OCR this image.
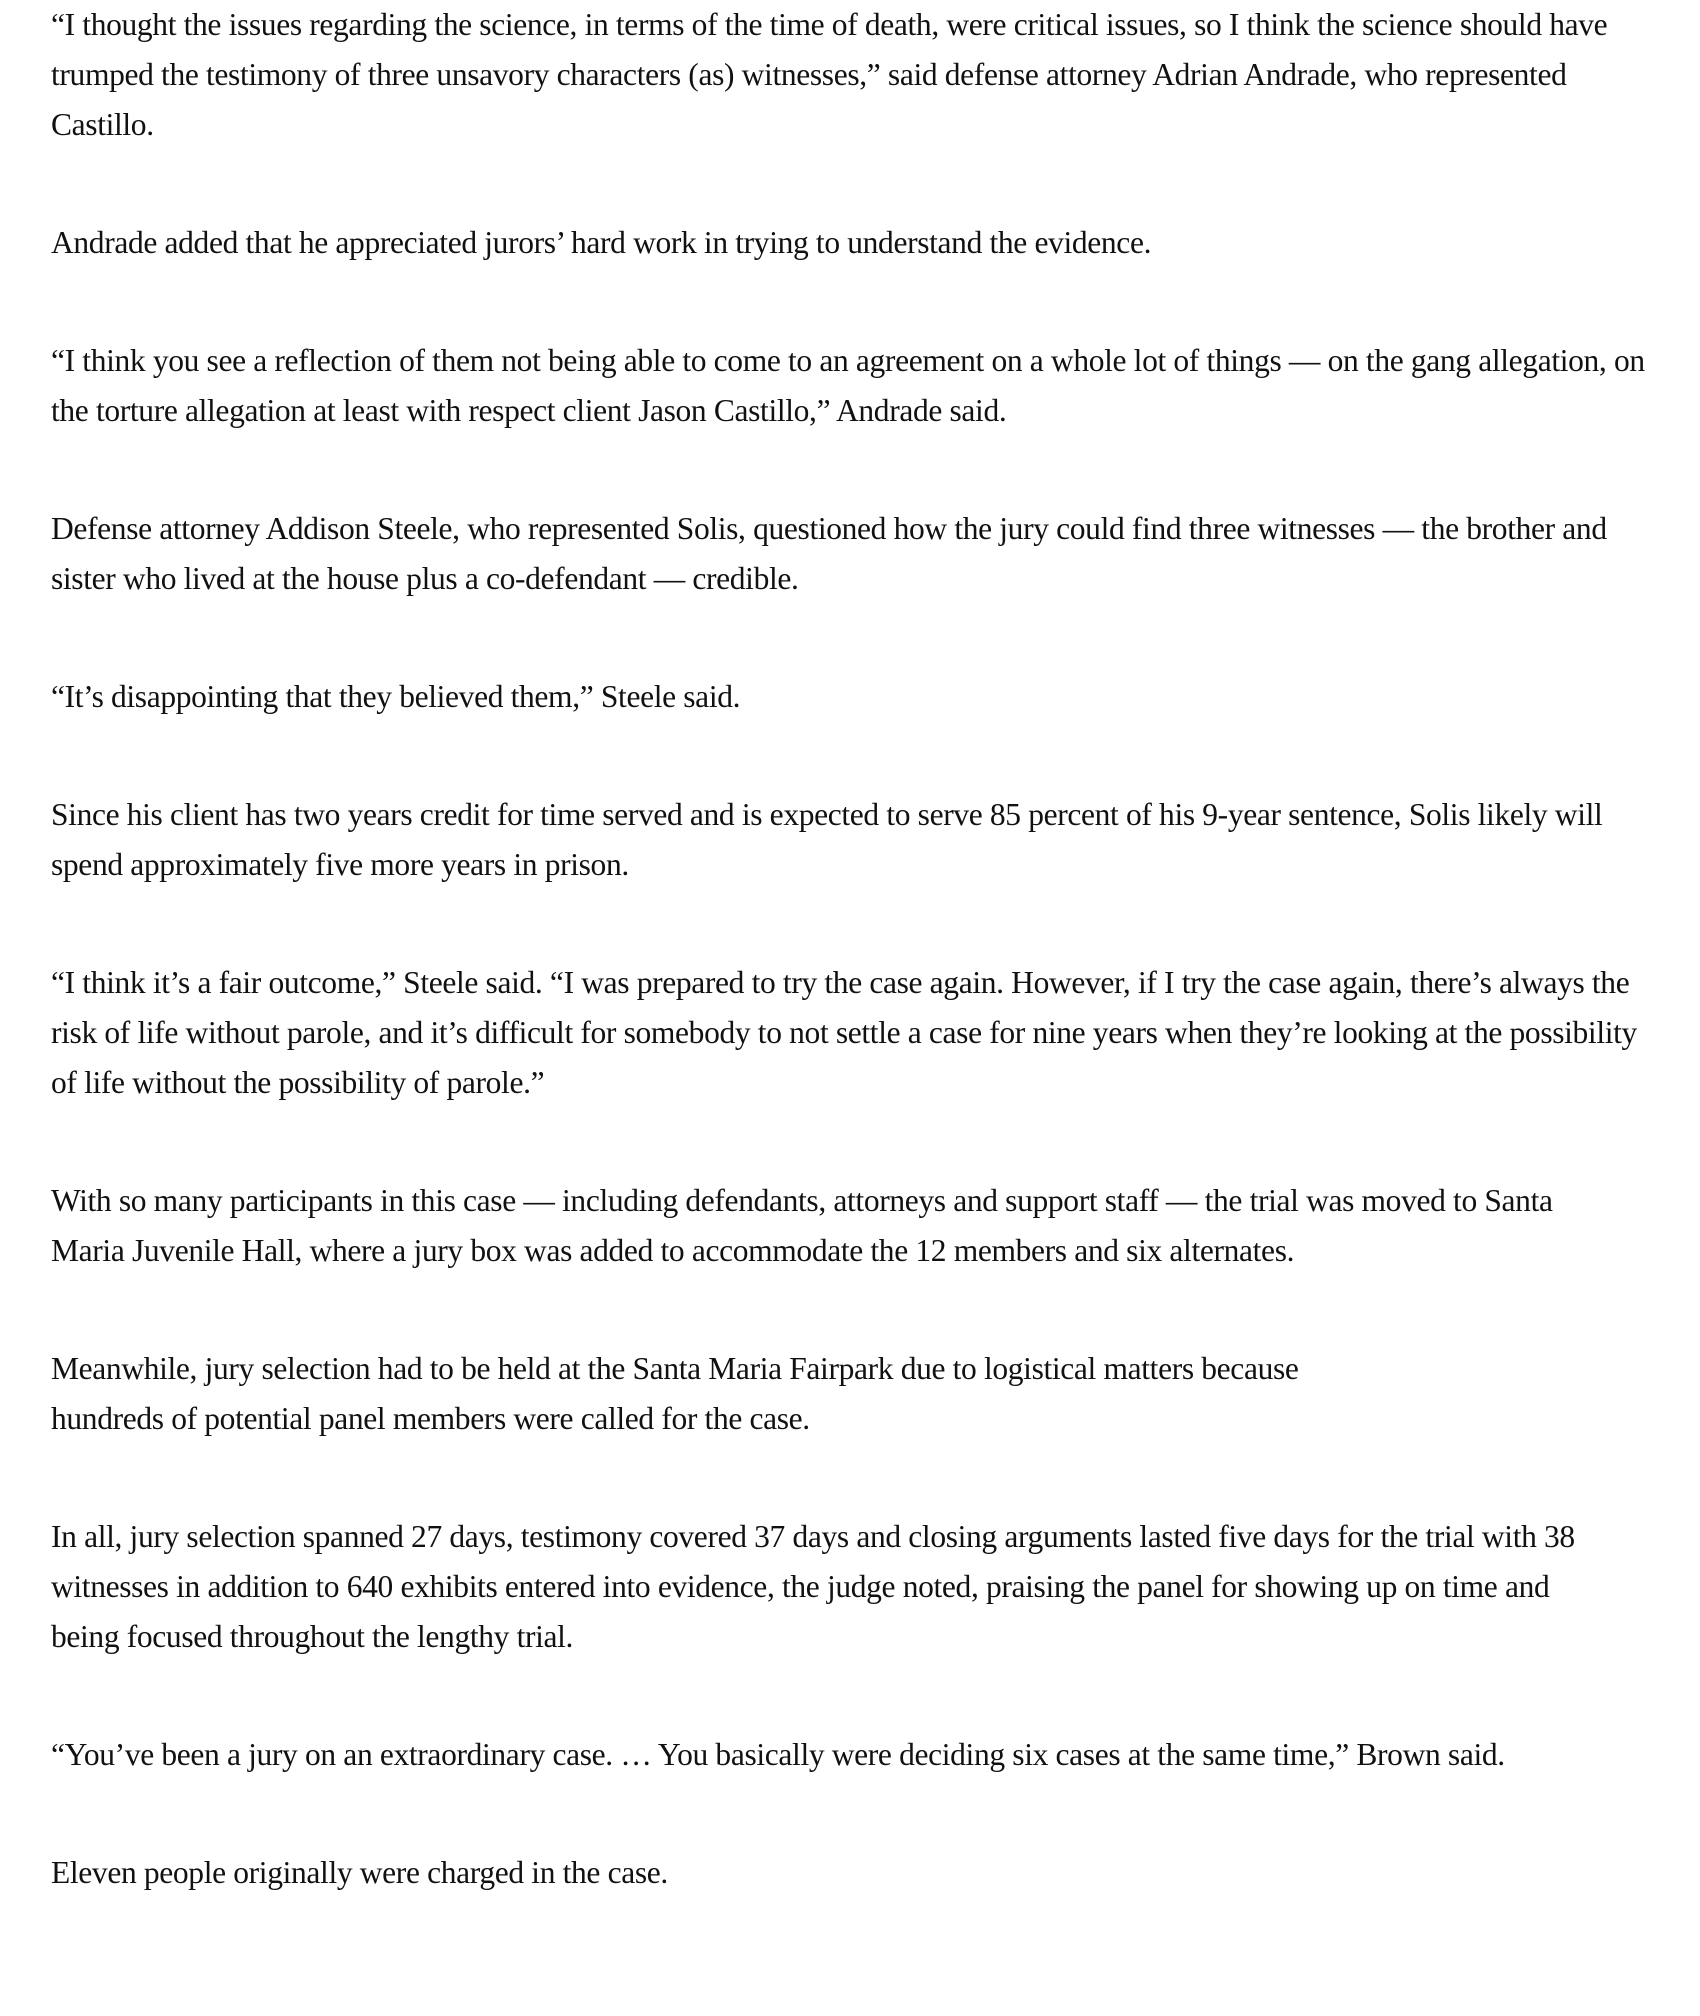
“I thought the issues regarding the science, in terms of the time of death, were critical issues, so I think the science should have trumped the testimony of three unsavory characters (as) witnesses,” said defense attorney Adrian Andrade, who represented Castillo.

Andrade added that he appreciated jurors’ hard work in trying to understand the evidence.

“I think you see a reflection of them not being able to come to an agreement on a whole lot of things — on the gang allegation, on the torture allegation at least with respect client Jason Castillo,” Andrade said.

Defense attorney Addison Steele, who represented Solis, questioned how the jury could find three witnesses — the brother and sister who lived at the house plus a co-defendant — credible.

“It’s disappointing that they believed them,” Steele said.

Since his client has two years credit for time served and is expected to serve 85 percent of his 9-year sentence, Solis likely will spend approximately five more years in prison.

“I think it’s a fair outcome,” Steele said. “I was prepared to try the case again. However, if I try the case again, there’s always the risk of life without parole, and it’s difficult for somebody to not settle a case for nine years when they’re looking at the possibility of life without the possibility of parole.”

With so many participants in this case — including defendants, attorneys and support staff — the trial was moved to Santa Maria Juvenile Hall, where a jury box was added to accommodate the 12 members and six alternates.

Meanwhile, jury selection had to be held at the Santa Maria Fairpark due to logistical matters because hundreds of potential panel members were called for the case.

In all, jury selection spanned 27 days, testimony covered 37 days and closing arguments lasted five days for the trial with 38 witnesses in addition to 640 exhibits entered into evidence, the judge noted, praising the panel for showing up on time and being focused throughout the lengthy trial.

“You’ve been a jury on an extraordinary case. … You basically were deciding six cases at the same time,” Brown said.

Eleven people originally were charged in the case.
